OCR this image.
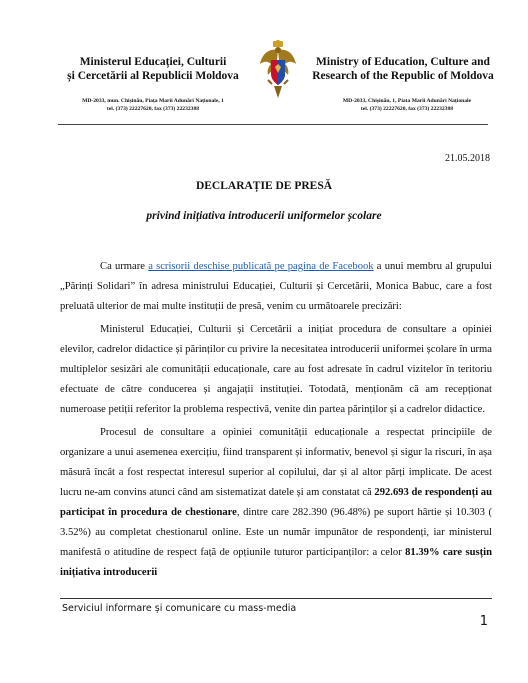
Ministerul Educației, Culturii
și Cercetării al Republicii Moldova
Ministry of Education, Culture and
Research of the Republic of Moldova
MD-2033, mun. Chișinău, Piața Marii Adunări Naționale, 1
tel. (373) 22227620, fax (373) 22232388
MD-2033, Chișinău, 1, Piata Marii Adunări Naționale
tel. (373) 22227620, fax (373) 22232388
21.05.2018
DECLARAȚIE DE PRESĂ
privind inițiativa introducerii uniformelor școlare

Ca urmare a scrisorii deschise publicată pe pagina de Facebook a unui membru al grupului „Părinți Solidari” în adresa ministrului Educației, Culturii și Cercetării, Monica Babuc, care a fost preluată ulterior de mai multe instituții de presă, venim cu următoarele precizări:

Ministerul Educației, Culturii și Cercetării a inițiat procedura de consultare a opiniei elevilor, cadrelor didactice și părinților cu privire la necesitatea introducerii uniformei școlare în urma multiplelor sesizări ale comunității educaționale, care au fost adresate în cadrul vizitelor în teritoriu efectuate de către conducerea și angajații instituției. Totodată, menționăm că am recepționat numeroase petiții referitor la problema respectivă, venite din partea părinților și a cadrelor didactice.

Procesul de consultare a opiniei comunității educaționale a respectat principiile de organizare a unui asemenea exercițiu, fiind transparent și informativ, benevol și sigur la riscuri, în așa măsură încât a fost respectat interesul superior al copilului, dar și al altor părți implicate. De acest lucru ne-am convins atunci când am sistematizat datele și am constatat că 292.693 de respondenți au participat în procedura de chestionare, dintre care 282.390 (96.48%) pe suport hârtie și 10.303 ( 3.52%) au completat chestionarul online. Este un număr impunător de respondenți, iar ministerul manifestă o atitudine de respect față de opțiunile tuturor participanților: a celor 81.39% care susțin inițiativa introducerii

Serviciul informare și comunicare cu mass-media
1
